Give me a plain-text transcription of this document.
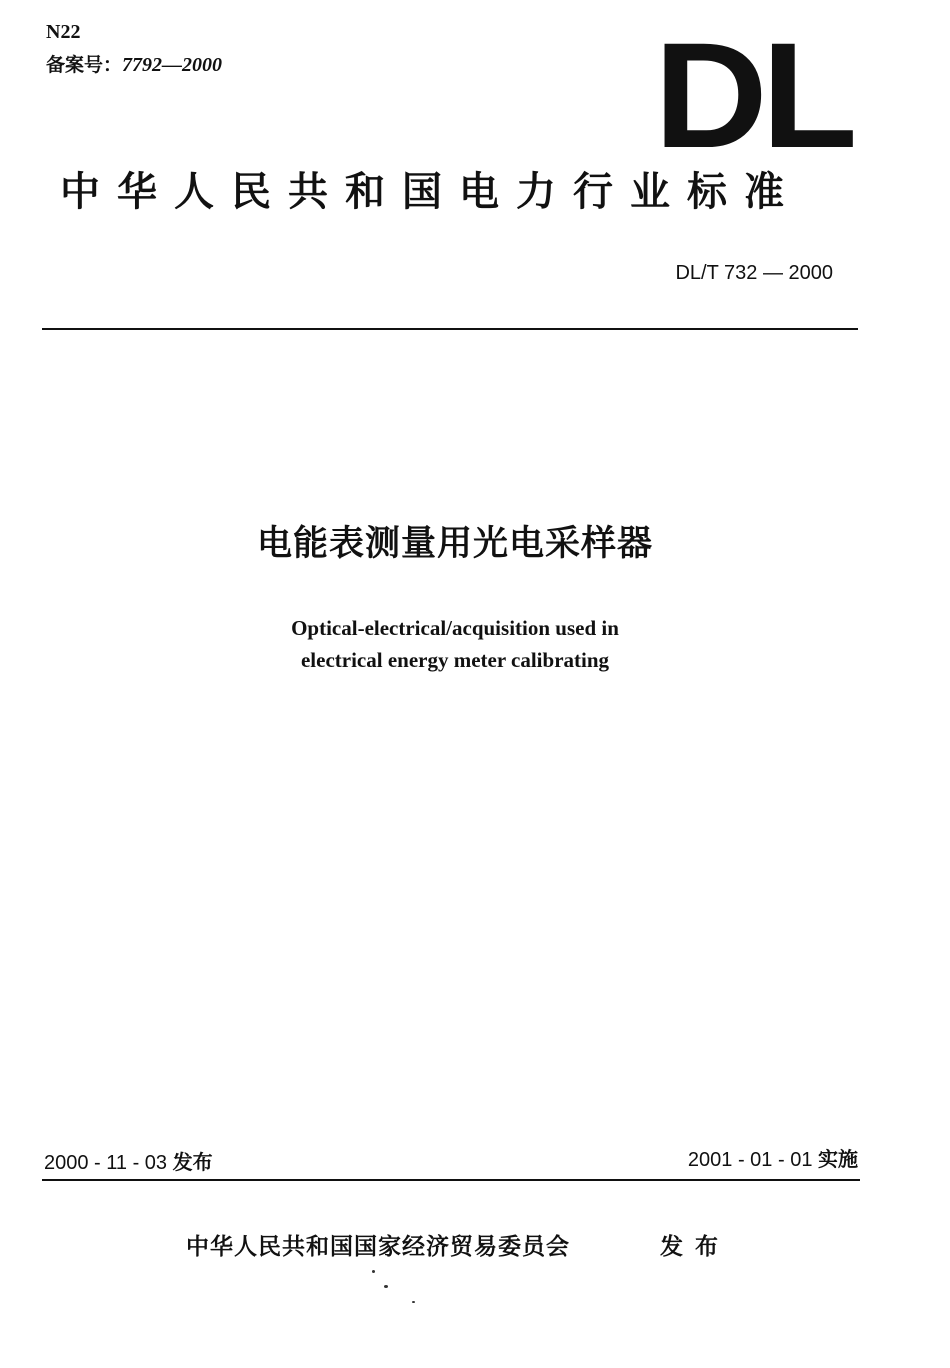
N22
备案号：7792—2000	DL
中华人民共和国电力行业标准
DL/T 732 — 2000
电能表测量用光电采样器
Optical-electrical/acquisition used in
electrical energy meter calibrating
2000 - 11 - 03 发布	2001 - 01 - 01 实施
中华人民共和国国家经济贸易委员会	发布
